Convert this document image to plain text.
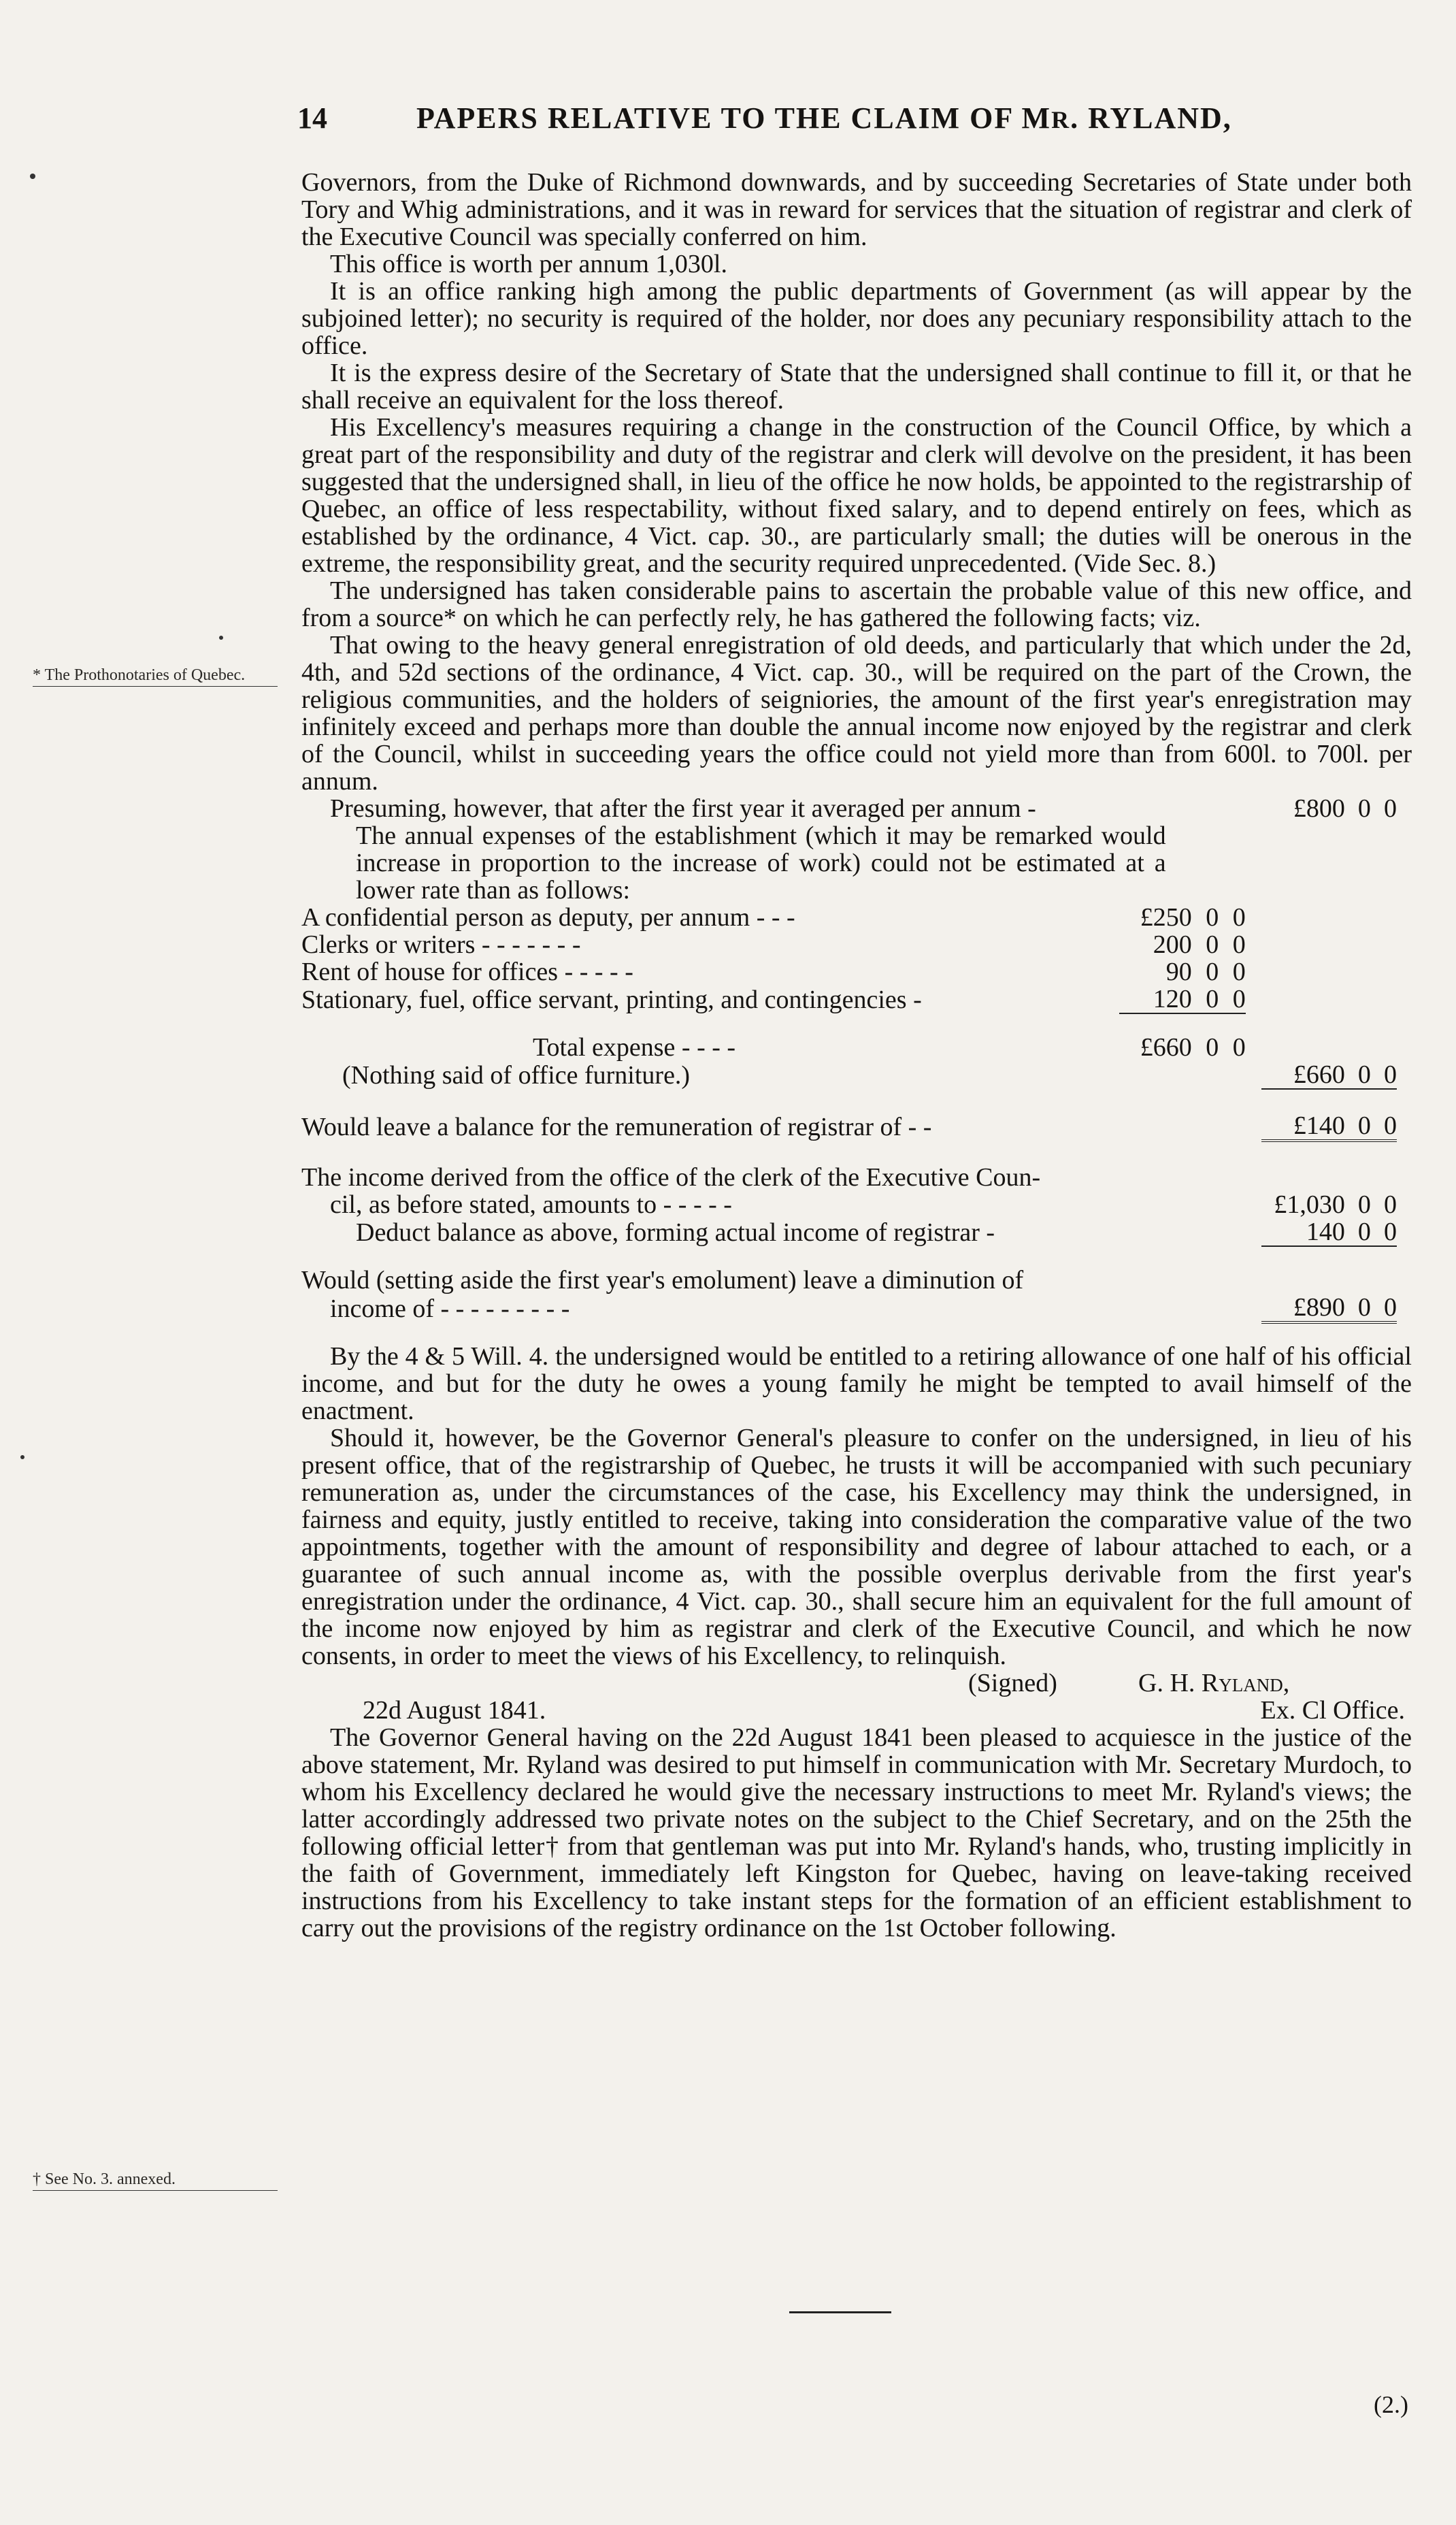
14	PAPERS RELATIVE TO THE CLAIM OF MR. RYLAND,
* The Prothonotaries of Quebec.
† See No. 3. annexed.

Governors, from the Duke of Richmond downwards, and by succeeding Secretaries of State under both Tory and Whig administrations, and it was in reward for services that the situation of registrar and clerk of the Executive Council was specially conferred on him.

This office is worth per annum 1,030l.

It is an office ranking high among the public departments of Government (as will appear by the subjoined letter); no security is required of the holder, nor does any pecuniary responsibility attach to the office.

It is the express desire of the Secretary of State that the undersigned shall continue to fill it, or that he shall receive an equivalent for the loss thereof.

His Excellency's measures requiring a change in the construction of the Council Office, by which a great part of the responsibility and duty of the registrar and clerk will devolve on the president, it has been suggested that the undersigned shall, in lieu of the office he now holds, be appointed to the registrarship of Quebec, an office of less respectability, without fixed salary, and to depend entirely on fees, which as established by the ordinance, 4 Vict. cap. 30., are particularly small; the duties will be onerous in the extreme, the responsibility great, and the security required unprecedented. (Vide Sec. 8.)

The undersigned has taken considerable pains to ascertain the probable value of this new office, and from a source* on which he can perfectly rely, he has gathered the following facts; viz.

That owing to the heavy general enregistration of old deeds, and particularly that which under the 2d, 4th, and 52d sections of the ordinance, 4 Vict. cap. 30., will be required on the part of the Crown, the religious communities, and the holders of seigniories, the amount of the first year's enregistration may infinitely exceed and perhaps more than double the annual income now enjoyed by the registrar and clerk of the Council, whilst in succeeding years the office could not yield more than from 600l. to 700l. per annum.

Presuming, however, that after the first year it averaged per annum -					£800	0	0
The annual expenses of the establishment (which it may be remarked would increase in proportion to the increase of work) could not be estimated at a lower rate than as follows:							
A confidential person as deputy, per annum - - -	£250	0	0				
Clerks or writers - - - - - - -	200	0	0				
Rent of house for offices - - - - -	90	0	0				
Stationary, fuel, office servant, printing, and contingencies -	120	0	0				

Total expense - - - -	£660	0	0				
(Nothing said of office furniture.)					£660	0	0

Would leave a balance for the remuneration of registrar of - -					£140	0	0

The income derived from the office of the clerk of the Executive Coun-							
cil, as before stated, amounts to - - - - -					£1,030	0	0
Deduct balance as above, forming actual income of registrar -					140	0	0

Would (setting aside the first year's emolument) leave a diminution of							
income of - - - - - - - - -					£890	0	0

By the 4 & 5 Will. 4. the undersigned would be entitled to a retiring allowance of one half of his official income, and but for the duty he owes a young family he might be tempted to avail himself of the enactment.

Should it, however, be the Governor General's pleasure to confer on the undersigned, in lieu of his present office, that of the registrarship of Quebec, he trusts it will be accompanied with such pecuniary remuneration as, under the circumstances of the case, his Excellency may think the undersigned, in fairness and equity, justly entitled to receive, taking into consideration the comparative value of the two appointments, together with the amount of responsibility and degree of labour attached to each, or a guarantee of such annual income as, with the possible overplus derivable from the first year's enregistration under the ordinance, 4 Vict. cap. 30., shall secure him an equivalent for the full amount of the income now enjoyed by him as registrar and clerk of the Executive Council, and which he now consents, in order to meet the views of his Excellency, to relinquish.

(Signed)	G. H. Ryland,
22d August 1841.	Ex. Cl Office.

The Governor General having on the 22d August 1841 been pleased to acquiesce in the justice of the above statement, Mr. Ryland was desired to put himself in communication with Mr. Secretary Murdoch, to whom his Excellency declared he would give the necessary instructions to meet Mr. Ryland's views; the latter accordingly addressed two private notes on the subject to the Chief Secretary, and on the 25th the following official letter† from that gentleman was put into Mr. Ryland's hands, who, trusting implicitly in the faith of Government, immediately left Kingston for Quebec, having on leave-taking received instructions from his Excellency to take instant steps for the formation of an efficient establishment to carry out the provisions of the registry ordinance on the 1st October following.

(2.)
